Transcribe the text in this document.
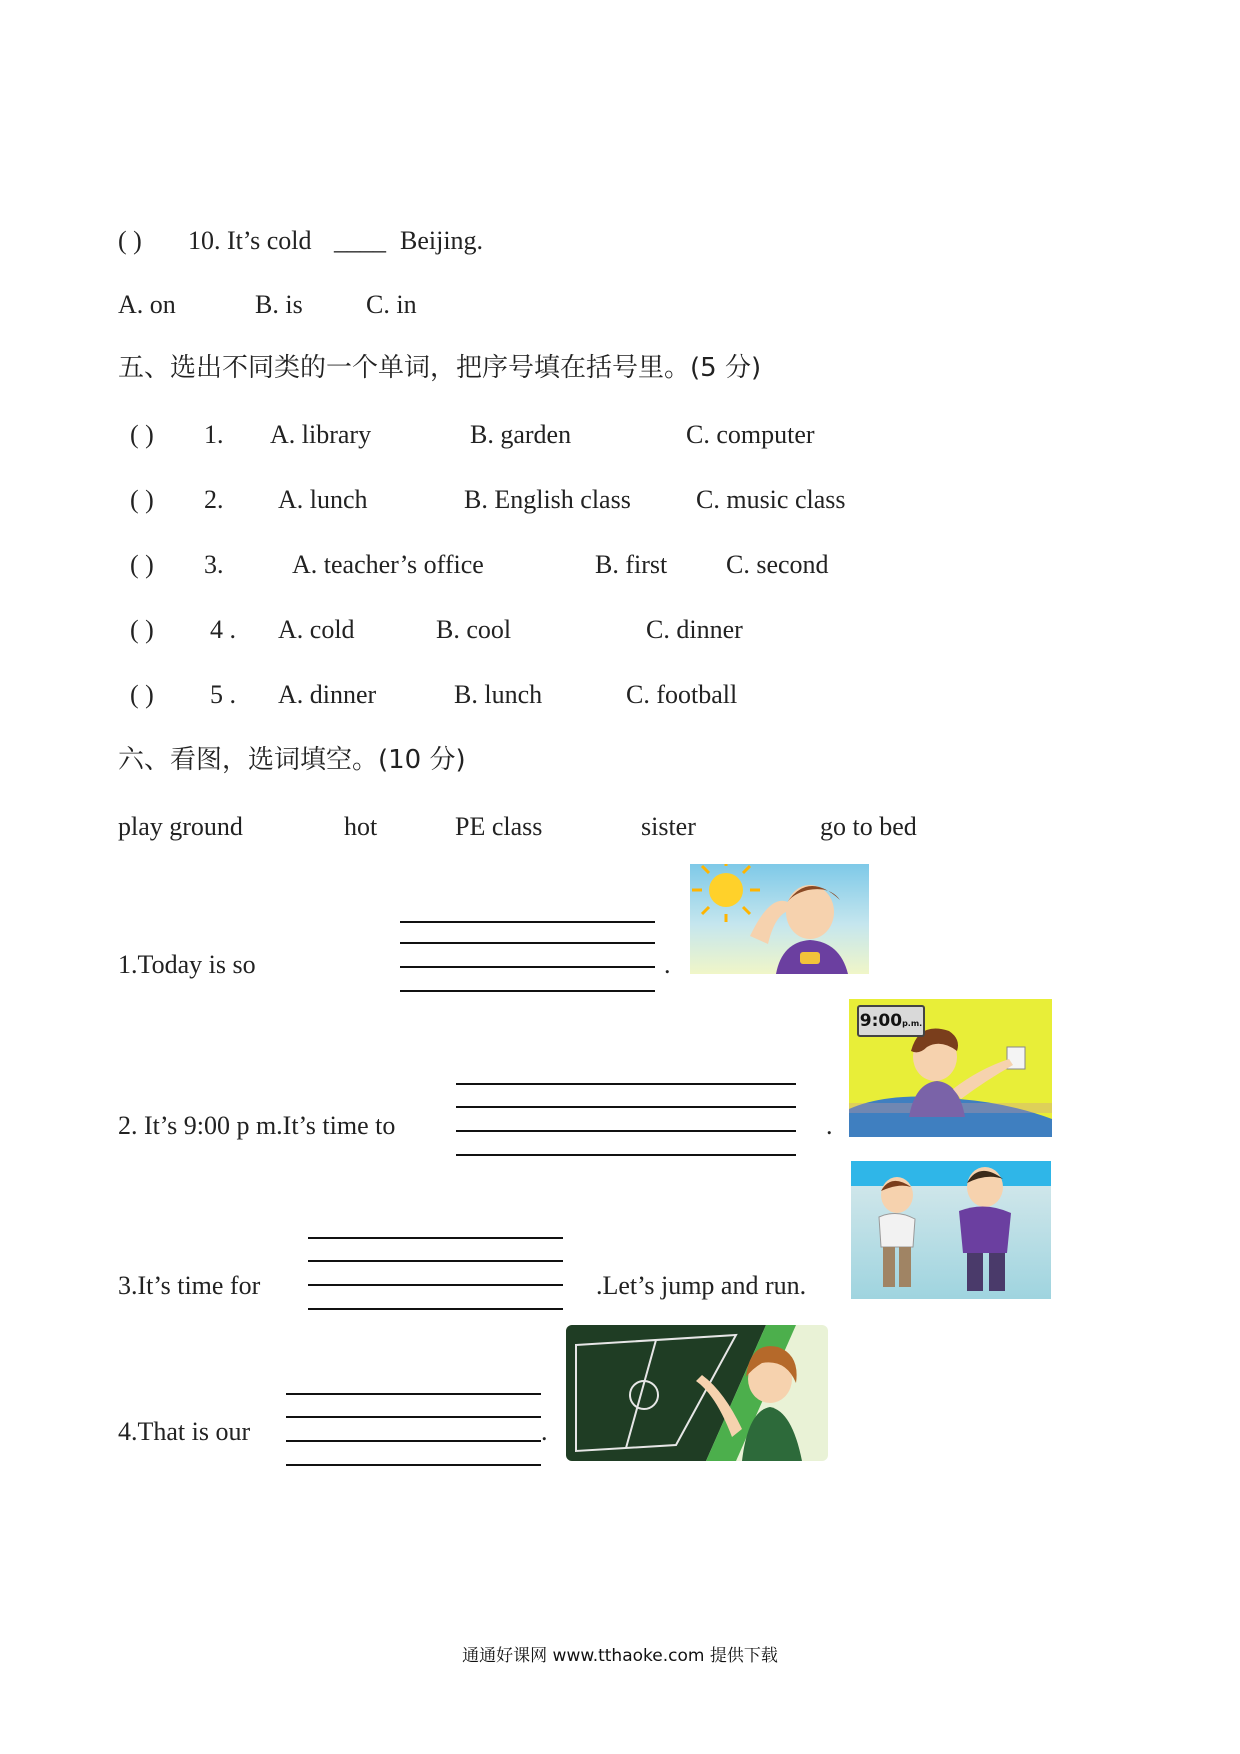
( ) 10. It’s cold ____ Beijing.
A. on	B. is C. in
五、选出不同类的一个单词，把序号填在括号里。(5 分)
( ) 1. A. library	B. garden	C. computer
( ) 2. A. lunch	B. English class	C. music class
( ) 3.	A. teacher’s office	B. first C. second
( ) 4 . A. cold	B. cool	C. dinner
( ) 5 . A. dinner	B. lunch	C. football
六、看图，选词填空。(10 分)
play ground	hot	PE class	sister	go to bed
1.Today is so	.
2. It’s 9:00 p m.It’s time to	.
9:00p.m.
3.It’s time for	.Let’s jump and run.
4.That is our	.
通通好课网 www.tthaoke.com 提供下载
